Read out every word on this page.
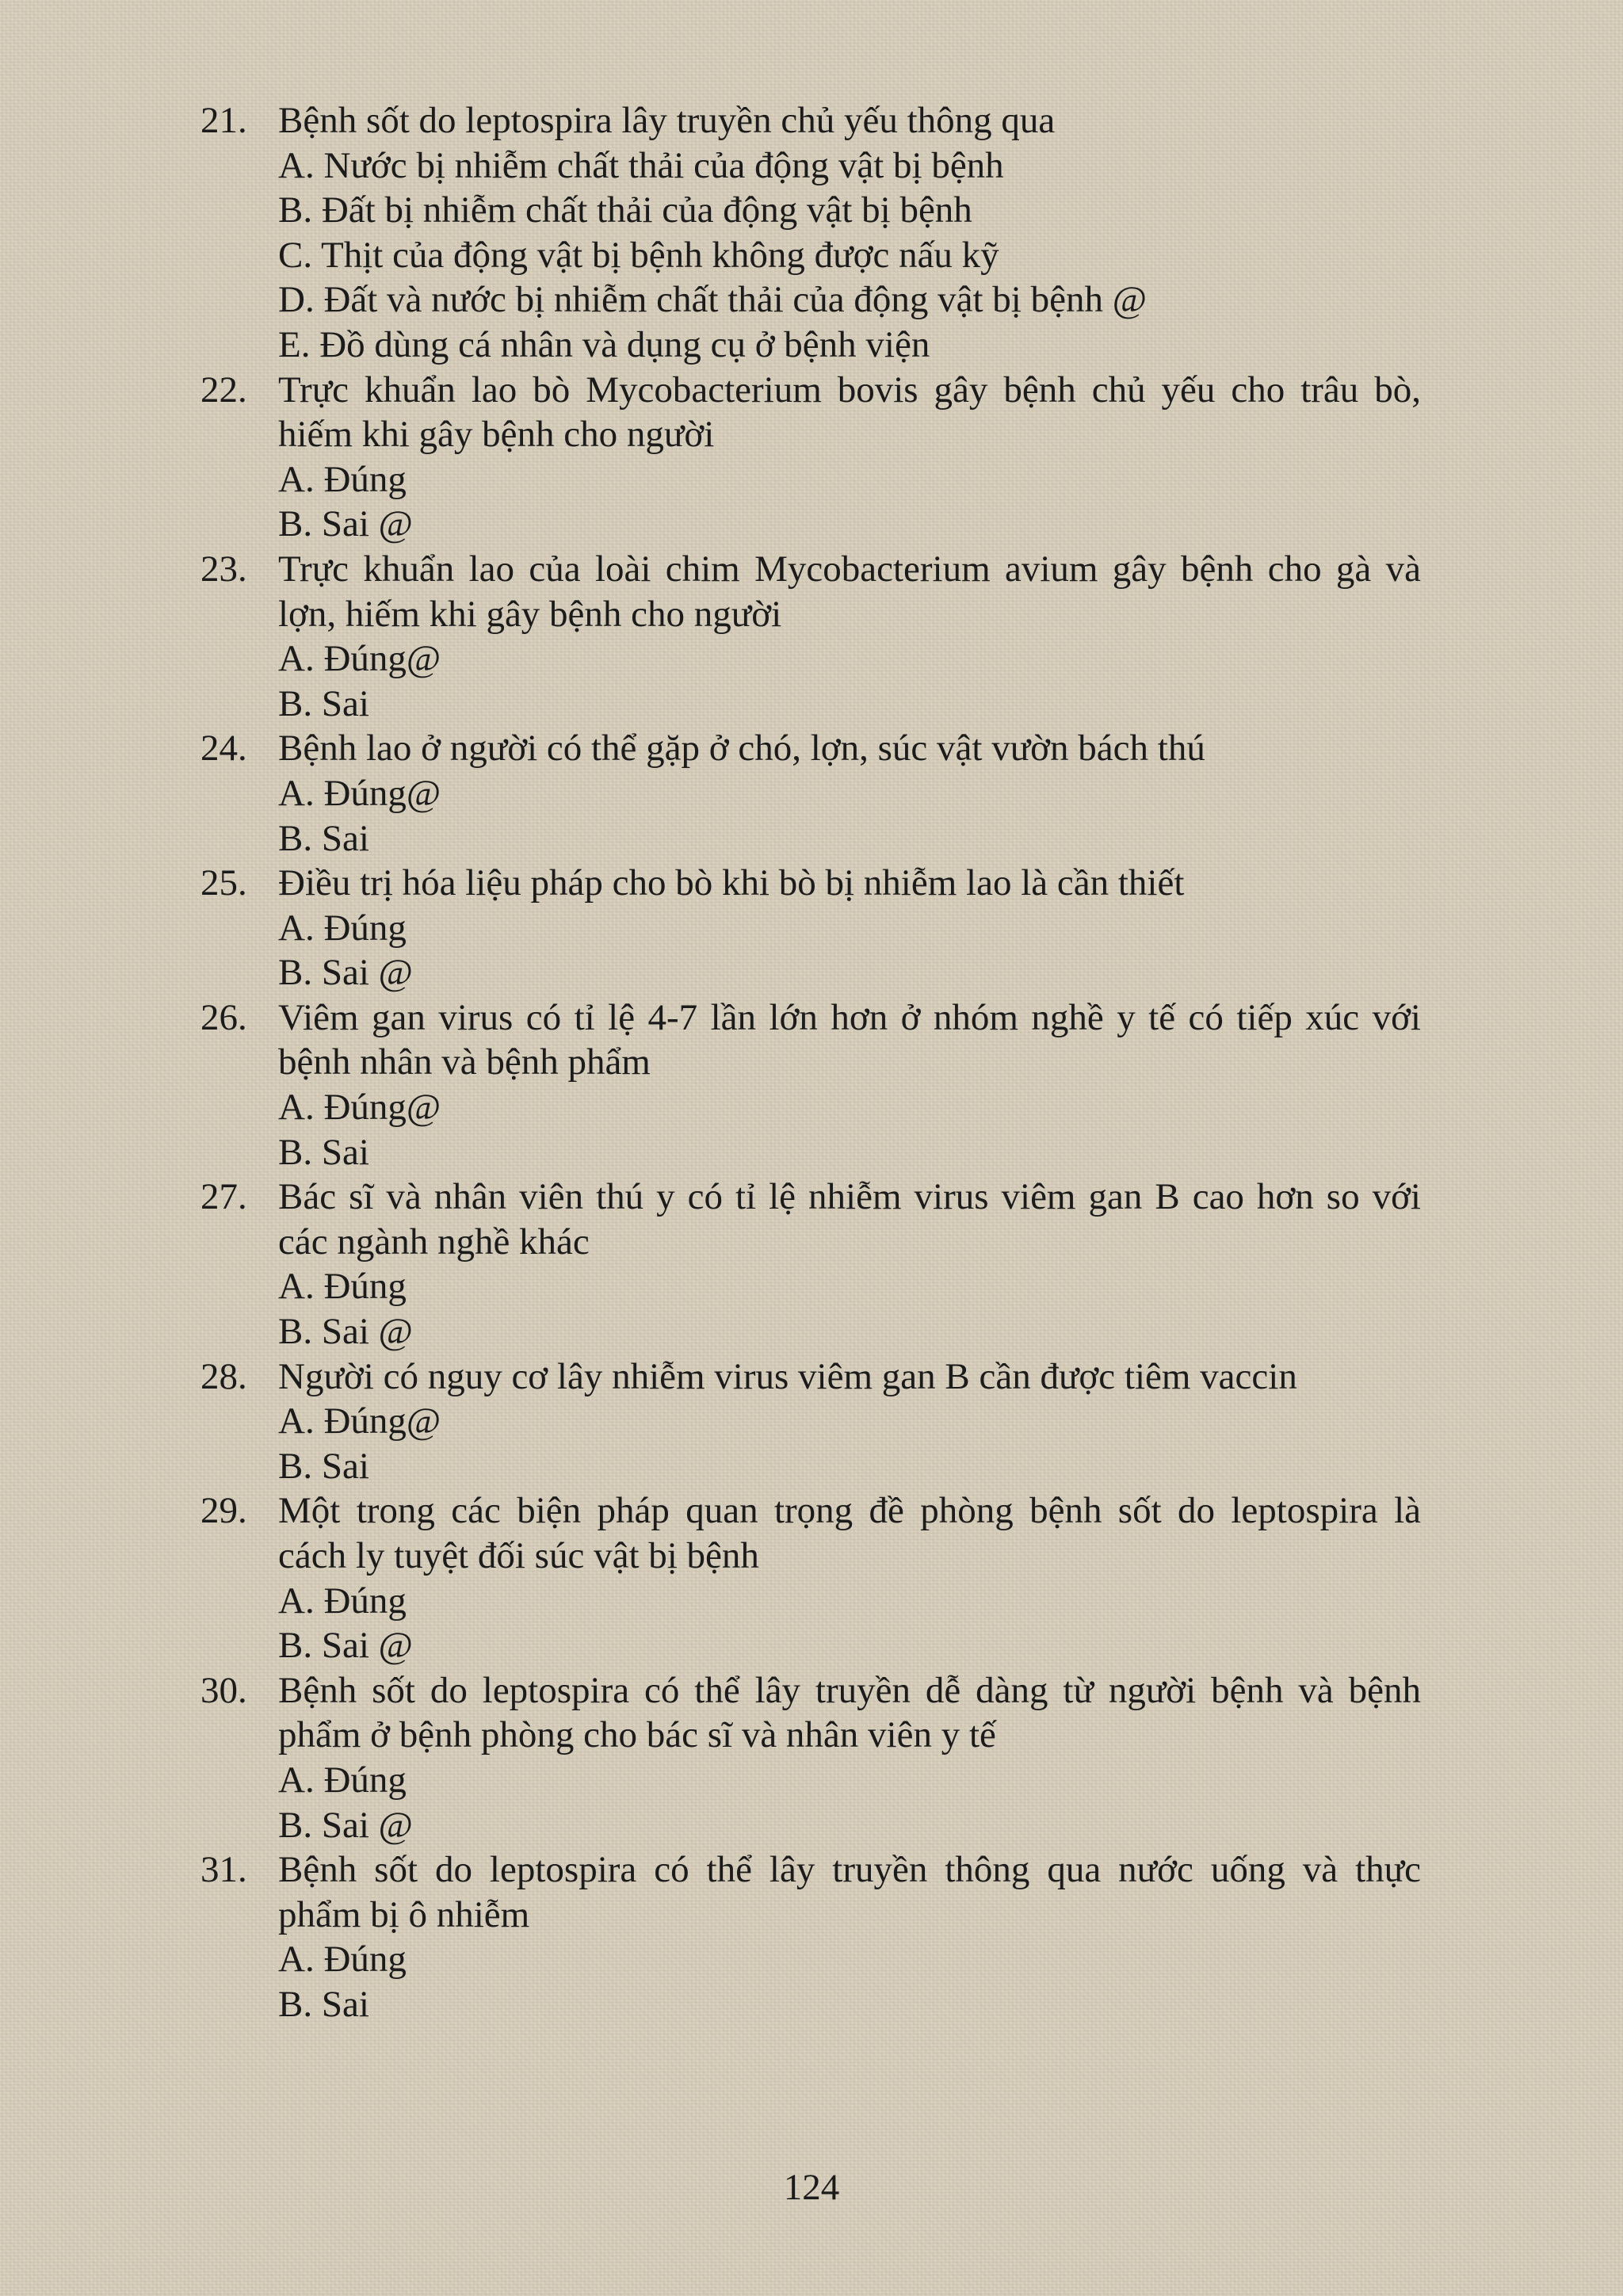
21. Bệnh sốt do leptospira lây truyền chủ yếu thông qua
A. Nước bị nhiễm chất thải của động vật bị bệnh
B. Đất bị nhiễm chất thải của động vật bị bệnh
C. Thịt của động vật bị bệnh không được nấu kỹ
D. Đất và nước bị nhiễm chất thải của động vật bị bệnh @
E. Đồ dùng cá nhân và dụng cụ ở bệnh viện
22. Trực khuẩn lao bò Mycobacterium bovis gây bệnh chủ yếu cho trâu bò,
hiếm khi gây bệnh cho người
A. Đúng
B. Sai @
23. Trực khuẩn lao của loài chim Mycobacterium avium gây bệnh cho gà và
lợn, hiếm khi gây bệnh cho người
A. Đúng@
B. Sai
24. Bệnh lao ở người có thể gặp ở chó, lợn, súc vật vườn bách thú
A. Đúng@
B. Sai
25. Điều trị hóa liệu pháp cho bò khi bò bị nhiễm lao là cần thiết
A. Đúng
B. Sai @
26. Viêm gan virus có tỉ lệ 4-7 lần lớn hơn ở nhóm nghề y tế có tiếp xúc với
bệnh nhân và bệnh phẩm
A. Đúng@
B. Sai
27. Bác sĩ và nhân viên thú y có tỉ lệ nhiễm virus viêm gan B cao hơn so với
các ngành nghề khác
A. Đúng
B. Sai @
28. Người có nguy cơ lây nhiễm virus viêm gan B cần được tiêm vaccin
A. Đúng@
B. Sai
29. Một trong các biện pháp quan trọng đề phòng bệnh sốt do leptospira là
cách ly tuyệt đối súc vật bị bệnh
A. Đúng
B. Sai @
30. Bệnh sốt do leptospira có thể lây truyền dễ dàng từ người bệnh và bệnh
phẩm ở bệnh phòng cho bác sĩ và nhân viên y tế
A. Đúng
B. Sai @
31. Bệnh sốt do leptospira có thể lây truyền thông qua nước uống và thực
phẩm bị ô nhiễm
A. Đúng
B. Sai
124
